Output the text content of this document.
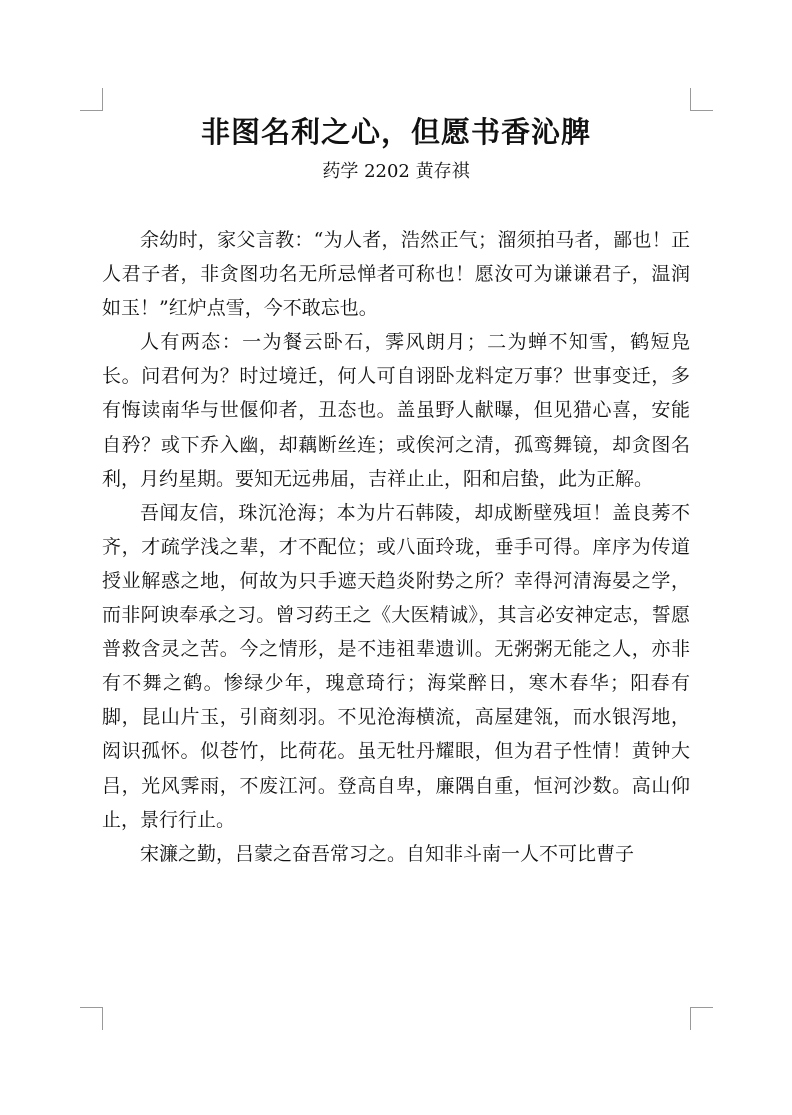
非图名利之心，但愿书香沁脾
药学 2202 黄存祺

余幼时，家父言教：“为人者，浩然正气；溜须拍马者，鄙也！正人君子者，非贪图功名无所忌惮者可称也！愿汝可为谦谦君子，温润如玉！”红炉点雪，今不敢忘也。

人有两态：一为餐云卧石，霁风朗月；二为蝉不知雪，鹤短凫长。问君何为？时过境迁，何人可自诩卧龙料定万事？世事变迁，多有悔读南华与世偃仰者，丑态也。盖虽野人献曝，但见猎心喜，安能自矜？或下乔入幽，却藕断丝连；或俟河之清，孤鸾舞镜，却贪图名利，月约星期。要知无远弗届，吉祥止止，阳和启蛰，此为正解。

吾闻友信，珠沉沧海；本为片石韩陵，却成断壁残垣！盖良莠不齐，才疏学浅之辈，才不配位；或八面玲珑，垂手可得。庠序为传道授业解惑之地，何故为只手遮天趋炎附势之所？幸得河清海晏之学，而非阿谀奉承之习。曾习药王之《大医精诚》，其言必安神定志，誓愿普救含灵之苦。今之情形，是不违祖辈遗训。无粥粥无能之人，亦非有不舞之鹤。惨绿少年，瑰意琦行；海棠醉日，寒木春华；阳春有脚，昆山片玉，引商刻羽。不见沧海横流，高屋建瓴，而水银泻地，闳识孤怀。似苍竹，比荷花。虽无牡丹耀眼，但为君子性情！黄钟大吕，光风霁雨，不废江河。登高自卑，廉隅自重，恒河沙数。高山仰止，景行行止。

宋濂之勤，吕蒙之奋吾常习之。自知非斗南一人不可比曹子
